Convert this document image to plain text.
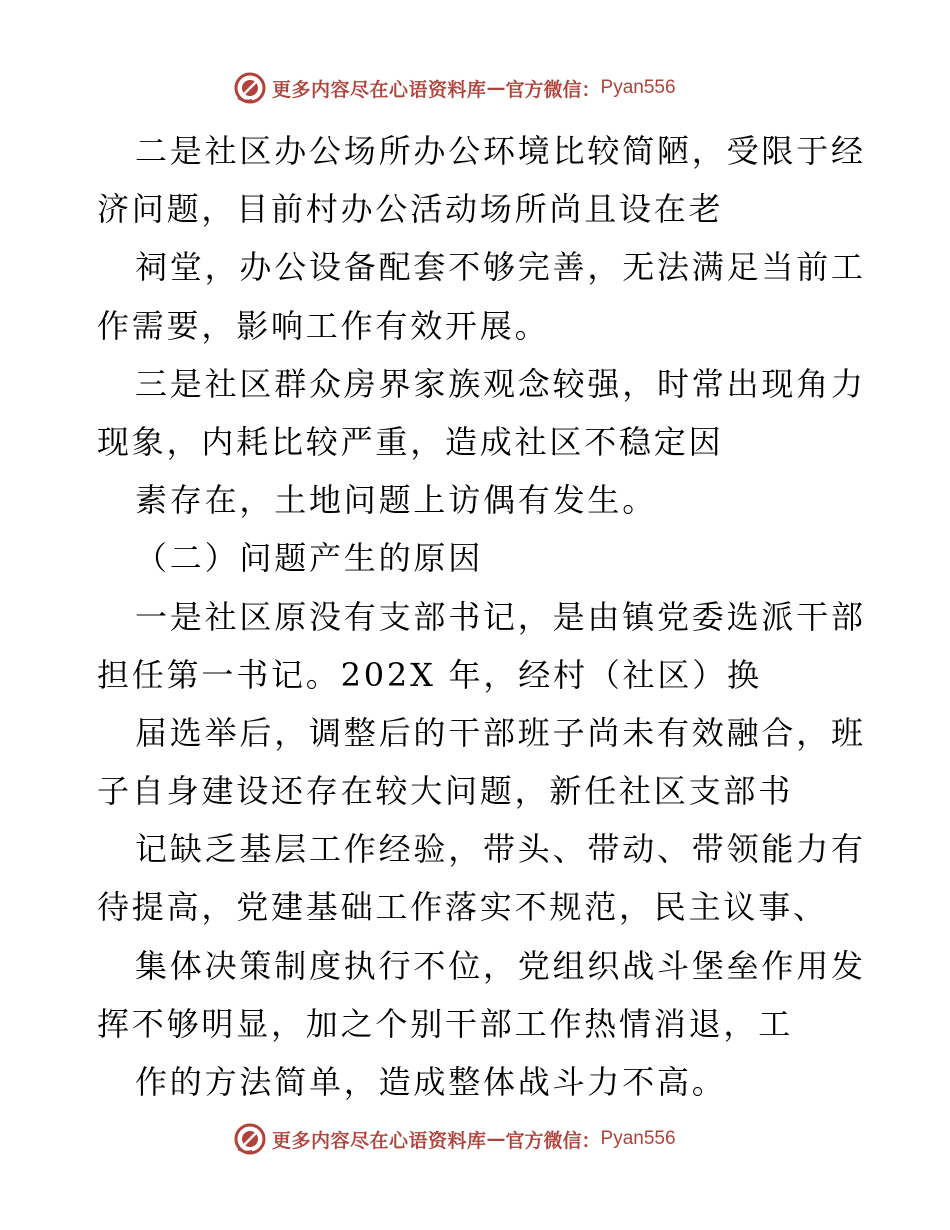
更多内容尽在心语资料库 — 官方微信： Pyan556
二是社区办公场所办公环境比较简陋，受限于经
济问题，目前村办公活动场所尚且设在老
祠堂，办公设备配套不够完善，无法满足当前工
作需要，影响工作有效开展。
三是社区群众房界家族观念较强，时常出现角力
现象，内耗比较严重，造成社区不稳定因
素存在，土地问题上访偶有发生。
（二）问题产生的原因
一是社区原没有支部书记，是由镇党委选派干部
担任第一书记。202X 年，经村（社区）换
届选举后，调整后的干部班子尚未有效融合，班
子自身建设还存在较大问题，新任社区支部书
记缺乏基层工作经验，带头、带动、带领能力有
待提高，党建基础工作落实不规范，民主议事、
集体决策制度执行不位，党组织战斗堡垒作用发
挥不够明显，加之个别干部工作热情消退，工
作的方法简单，造成整体战斗力不高。
更多内容尽在心语资料库 — 官方微信： Pyan556
